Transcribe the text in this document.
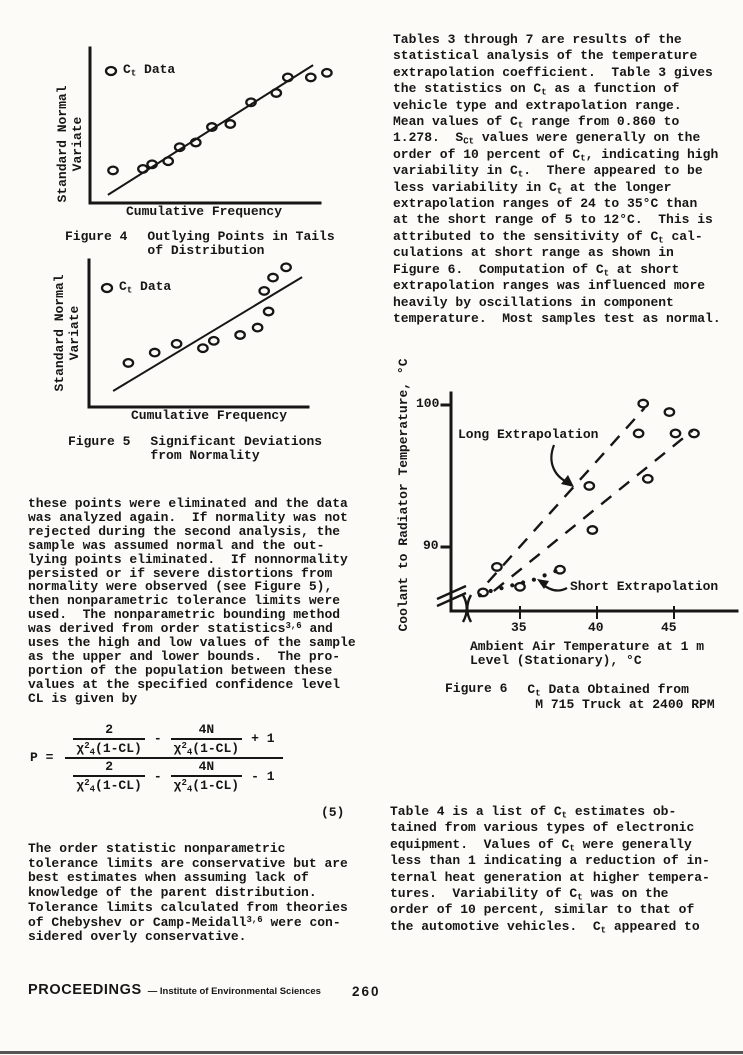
$C_t$ Data
Standard Normal
Variate
Cumulative Frequency
Figure 4 Outlying Points in Tails
of Distribution
$C_t$ Data
Standard Normal
Variate
Cumulative Frequency
Figure 5 Significant Deviations
from Normality
these points were eliminated and the data
was analyzed again.  If normality was not
rejected during the second analysis, the
sample was assumed normal and the out-
lying points eliminated.  If nonnormality
persisted or if severe distortions from
normality were observed (see Figure 5),
then nonparametric tolerance limits were
used.  The nonparametric bounding method
was derived from order statistics$^{3,6}$ and
uses the high and low values of the sample
as the upper and lower bounds.  The pro-
portion of the population between these
values at the specified confidence level
CL is given by
P =
$\frac{2}{\chi^2_4(1-CL)} - \frac{4N}{\chi^2_4(1-CL)} + 1$
$\frac{2}{\chi^2_4(1-CL)} - \frac{4N}{\chi^2_4(1-CL)} - 1$
(5)
The order statistic nonparametric
tolerance limits are conservative but are
best estimates when assuming lack of
knowledge of the parent distribution.
Tolerance limits calculated from theories
of Chebyshev or Camp-Meidall$^{3,6}$ were con-
sidered overly conservative.
Tables 3 through 7 are results of the
statistical analysis of the temperature
extrapolation coefficient.  Table 3 gives
the statistics on $C_t$ as a function of
vehicle type and extrapolation range.
Mean values of $C_t$ range from 0.860 to
1.278.  $S_{Ct}$ values were generally on the
order of 10 percent of $C_t$, indicating high
variability in $C_t$.  There appeared to be
less variability in $C_t$ at the longer
extrapolation ranges of 24 to 35°C than
at the short range of 5 to 12°C.  This is
attributed to the sensitivity of $C_t$ cal-
culations at short range as shown in
Figure 6.  Computation of $C_t$ at short
extrapolation ranges was influenced more
heavily by oscillations in component
temperature.  Most samples test as normal.
100
90
35	40	45
Long Extrapolation
Short Extrapolation
Coolant to Radiator Temperature, °C
Ambient Air Temperature at 1 m
Level (Stationary), °C
Figure 6 $C_t$ Data Obtained from
M 715 Truck at 2400 RPM
Table 4 is a list of $C_t$ estimates ob-
tained from various types of electronic
equipment.  Values of $C_t$ were generally
less than 1 indicating a reduction of in-
ternal heat generation at higher tempera-
tures.  Variability of $C_t$ was on the
order of 10 percent, similar to that of
the automotive vehicles.  $C_t$ appeared to
PROCEEDINGS — Institute of Environmental Sciences 260
